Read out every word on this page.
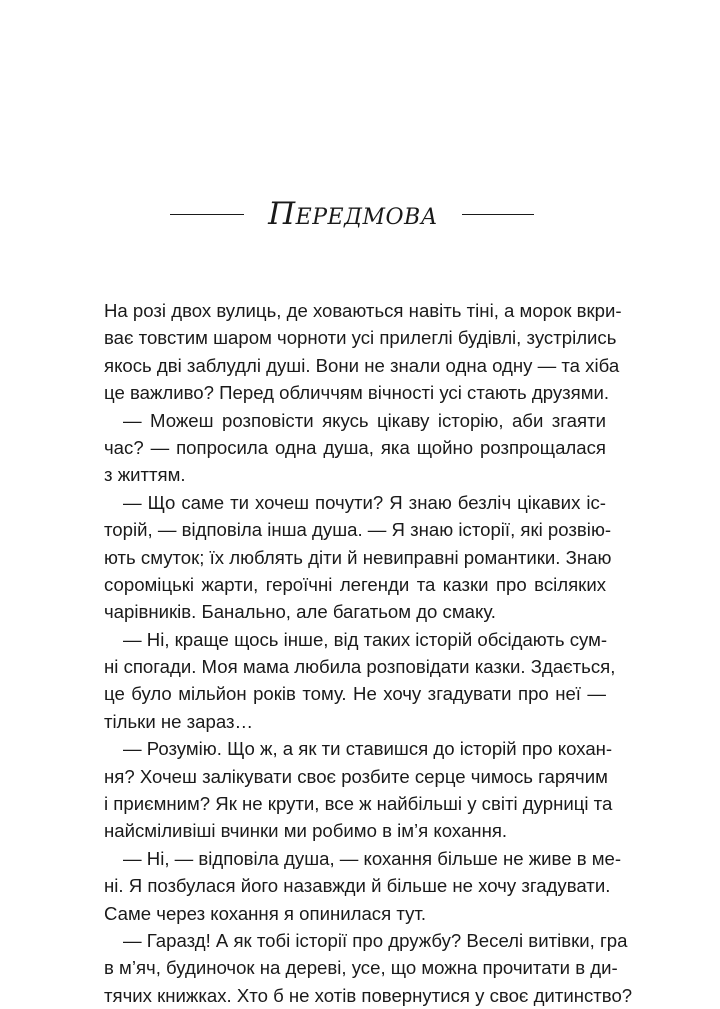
Передмова
На розі двох вулиць, де ховаються навіть тіні, а морок вкри-
ває товстим шаром чорноти усі прилеглі будівлі, зустрілись
якось дві заблудлі душі. Вони не знали одна одну — та хіба
це важливо? Перед обличчям вічності усі стають друзями.
— Можеш розповісти якусь цікаву історію, аби згаяти
час? — попросила одна душа, яка щойно розпрощалася
з життям.
— Що саме ти хочеш почути? Я знаю безліч цікавих іс-
торій, — відповіла інша душа. — Я знаю історії, які розвію-
ють смуток; їх люблять діти й невиправні романтики. Знаю
сороміцькі жарти, героїчні легенди та казки про всіляких
чарівників. Банально, але багатьом до смаку.
— Ні, краще щось інше, від таких історій обсідають сум-
ні спогади. Моя мама любила розповідати казки. Здається,
це було мільйон років тому. Не хочу згадувати про неї —
тільки не зараз…
— Розумію. Що ж, а як ти ставишся до історій про кохан-
ня? Хочеш залікувати своє розбите серце чимось гарячим
і приємним? Як не крути, все ж найбільші у світі дурниці та
найсміливіші вчинки ми робимо в ім’я кохання.
— Ні, — відповіла душа, — кохання більше не живе в ме-
ні. Я позбулася його назавжди й більше не хочу згадувати.
Саме через кохання я опинилася тут.
— Гаразд! А як тобі історії про дружбу? Веселі витівки, гра
в м’яч, будиночок на дереві, усе, що можна прочитати в ди-
тячих книжках. Хто б не хотів повернутися у своє дитинство?
